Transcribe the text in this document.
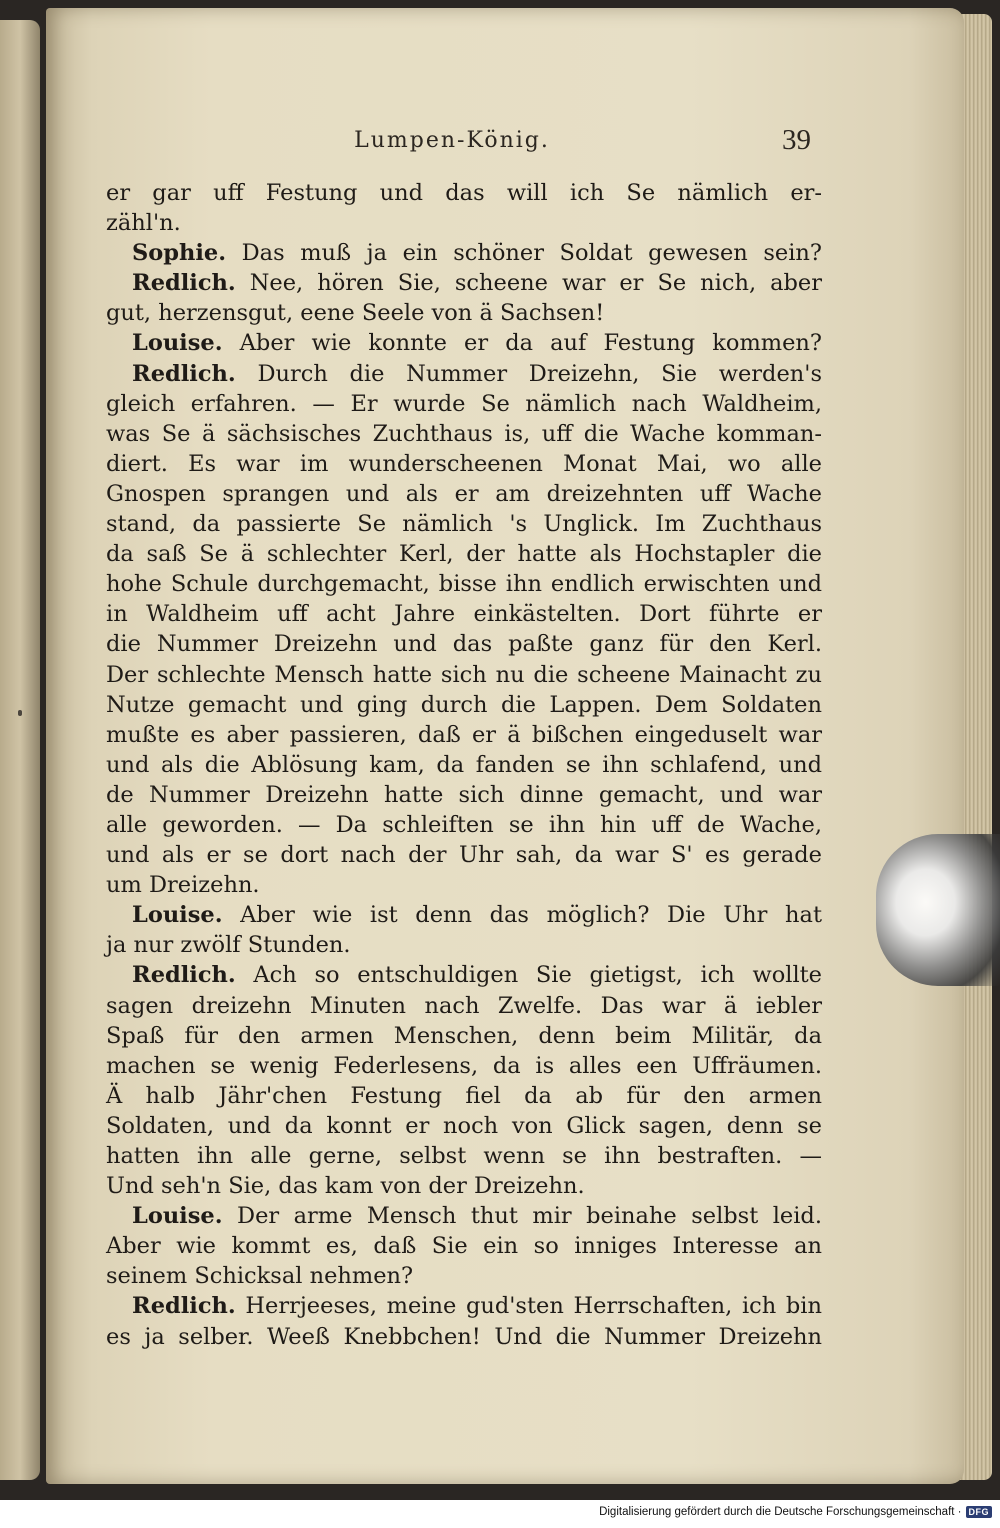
Lumpen-König.	39
er gar uff Festung und das will ich Se nämlich er-
zähl'n.
Sophie. Das muß ja ein schöner Soldat gewesen sein?
Redlich. Nee, hören Sie, scheene war er Se nich, aber
gut, herzensgut, eene Seele von ä Sachsen!
Louise. Aber wie konnte er da auf Festung kommen?
Redlich. Durch die Nummer Dreizehn, Sie werden's
gleich erfahren. — Er wurde Se nämlich nach Waldheim,
was Se ä sächsisches Zuchthaus is, uff die Wache komman-
diert. Es war im wunderscheenen Monat Mai, wo alle
Gnospen sprangen und als er am dreizehnten uff Wache
stand, da passierte Se nämlich 's Unglick. Im Zuchthaus
da saß Se ä schlechter Kerl, der hatte als Hochstapler die
hohe Schule durchgemacht, bisse ihn endlich erwischten und
in Waldheim uff acht Jahre einkästelten. Dort führte er
die Nummer Dreizehn und das paßte ganz für den Kerl.
Der schlechte Mensch hatte sich nu die scheene Mainacht zu
Nutze gemacht und ging durch die Lappen. Dem Soldaten
mußte es aber passieren, daß er ä bißchen eingeduselt war
und als die Ablösung kam, da fanden se ihn schlafend, und
de Nummer Dreizehn hatte sich dinne gemacht, und war
alle geworden. — Da schleiften se ihn hin uff de Wache,
und als er se dort nach der Uhr sah, da war S' es gerade
um Dreizehn.
Louise. Aber wie ist denn das möglich? Die Uhr hat
ja nur zwölf Stunden.
Redlich. Ach so entschuldigen Sie gietigst, ich wollte
sagen dreizehn Minuten nach Zwelfe. Das war ä iebler
Spaß für den armen Menschen, denn beim Militär, da
machen se wenig Federlesens, da is alles een Uffräumen.
Ä halb Jähr'chen Festung fiel da ab für den armen
Soldaten, und da konnt er noch von Glick sagen, denn se
hatten ihn alle gerne, selbst wenn se ihn bestraften. —
Und seh'n Sie, das kam von der Dreizehn.
Louise. Der arme Mensch thut mir beinahe selbst leid.
Aber wie kommt es, daß Sie ein so inniges Interesse an
seinem Schicksal nehmen?
Redlich. Herrjeeses, meine gud'sten Herrschaften, ich bin
es ja selber. Weeß Knebbchen! Und die Nummer Dreizehn
Digitalisierung gefördert durch die Deutsche Forschungsgemeinschaft · DFG
